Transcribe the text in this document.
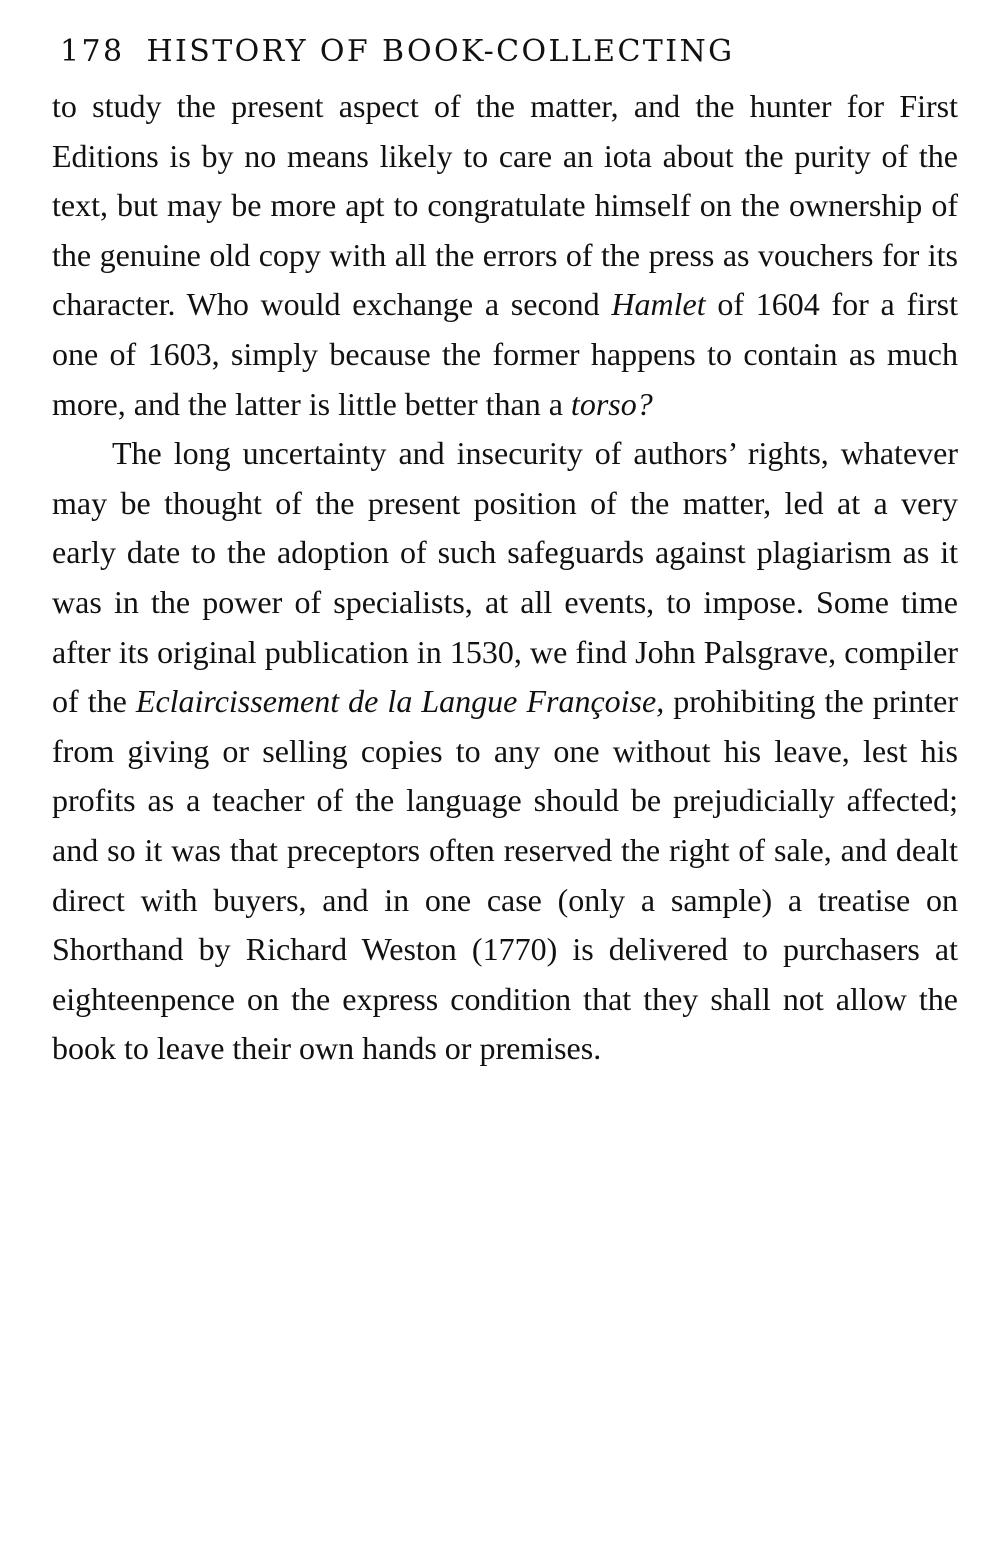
178 HISTORY OF BOOK-COLLECTING

to study the present aspect of the matter, and the hunter for First Editions is by no means likely to care an iota about the purity of the text, but may be more apt to congratulate himself on the ownership of the genuine old copy with all the errors of the press as vouchers for its character. Who would exchange a second Hamlet of 1604 for a first one of 1603, simply because the former happens to contain as much more, and the latter is little better than a torso?

The long uncertainty and insecurity of authors’ rights, whatever may be thought of the present position of the matter, led at a very early date to the adoption of such safeguards against plagiarism as it was in the power of specialists, at all events, to impose. Some time after its original publication in 1530, we find John Palsgrave, compiler of the Eclaircissement de la Langue Françoise, prohibiting the printer from giving or selling copies to any one without his leave, lest his profits as a teacher of the language should be prejudicially affected; and so it was that preceptors often reserved the right of sale, and dealt direct with buyers, and in one case (only a sample) a treatise on Shorthand by Richard Weston (1770) is delivered to purchasers at eighteenpence on the express condition that they shall not allow the book to leave their own hands or premises.
